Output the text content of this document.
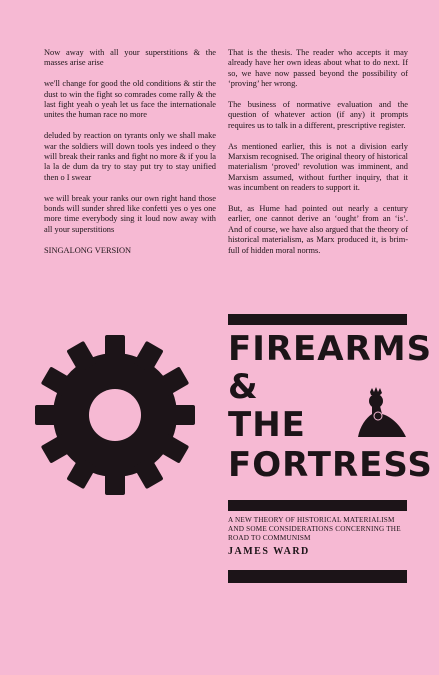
Now away with all your superstitions & the masses arise arise

we'll change for good the old conditions & stir the dust to win the fight so comrades come rally & the last fight yeah o yeah let us face the internationale unites the human race no more

deluded by reaction on tyrants only we shall make war the soldiers will down tools yes indeed o they will break their ranks and fight no more & if you la la la de dum da try to stay put try to stay unified then o I swear

we will break your ranks our own right hand those bonds will sunder shred like confetti yes o yes one more time everybody sing it loud now away with all your superstitions

SINGALONG VERSION

That is the thesis. The reader who accepts it may already have her own ideas about what to do next. If so, we have now passed beyond the possibility of ‘proving’ her wrong.

The business of normative evaluation and the question of whatever action (if any) it prompts requires us to talk in a different, prescriptive register.

As mentioned earlier, this is not a division early Marxism recognised. The original theory of historical materialism ‘proved’ revolution was imminent, and Marxism assumed, without further inquiry, that it was incumbent on readers to support it.

But, as Hume had pointed out nearly a century earlier, one cannot derive an ‘ought’ from an ‘is’. And of course, we have also argued that the theory of historical materialism, as Marx produced it, is brim-full of hidden moral norms.

FIREARMS
&
THE
FORTRESS
A NEW THEORY OF HISTORICAL MATERIALISM AND SOME CONSIDERATIONS CONCERNING THE ROAD TO COMMUNISM
JAMES WARD
